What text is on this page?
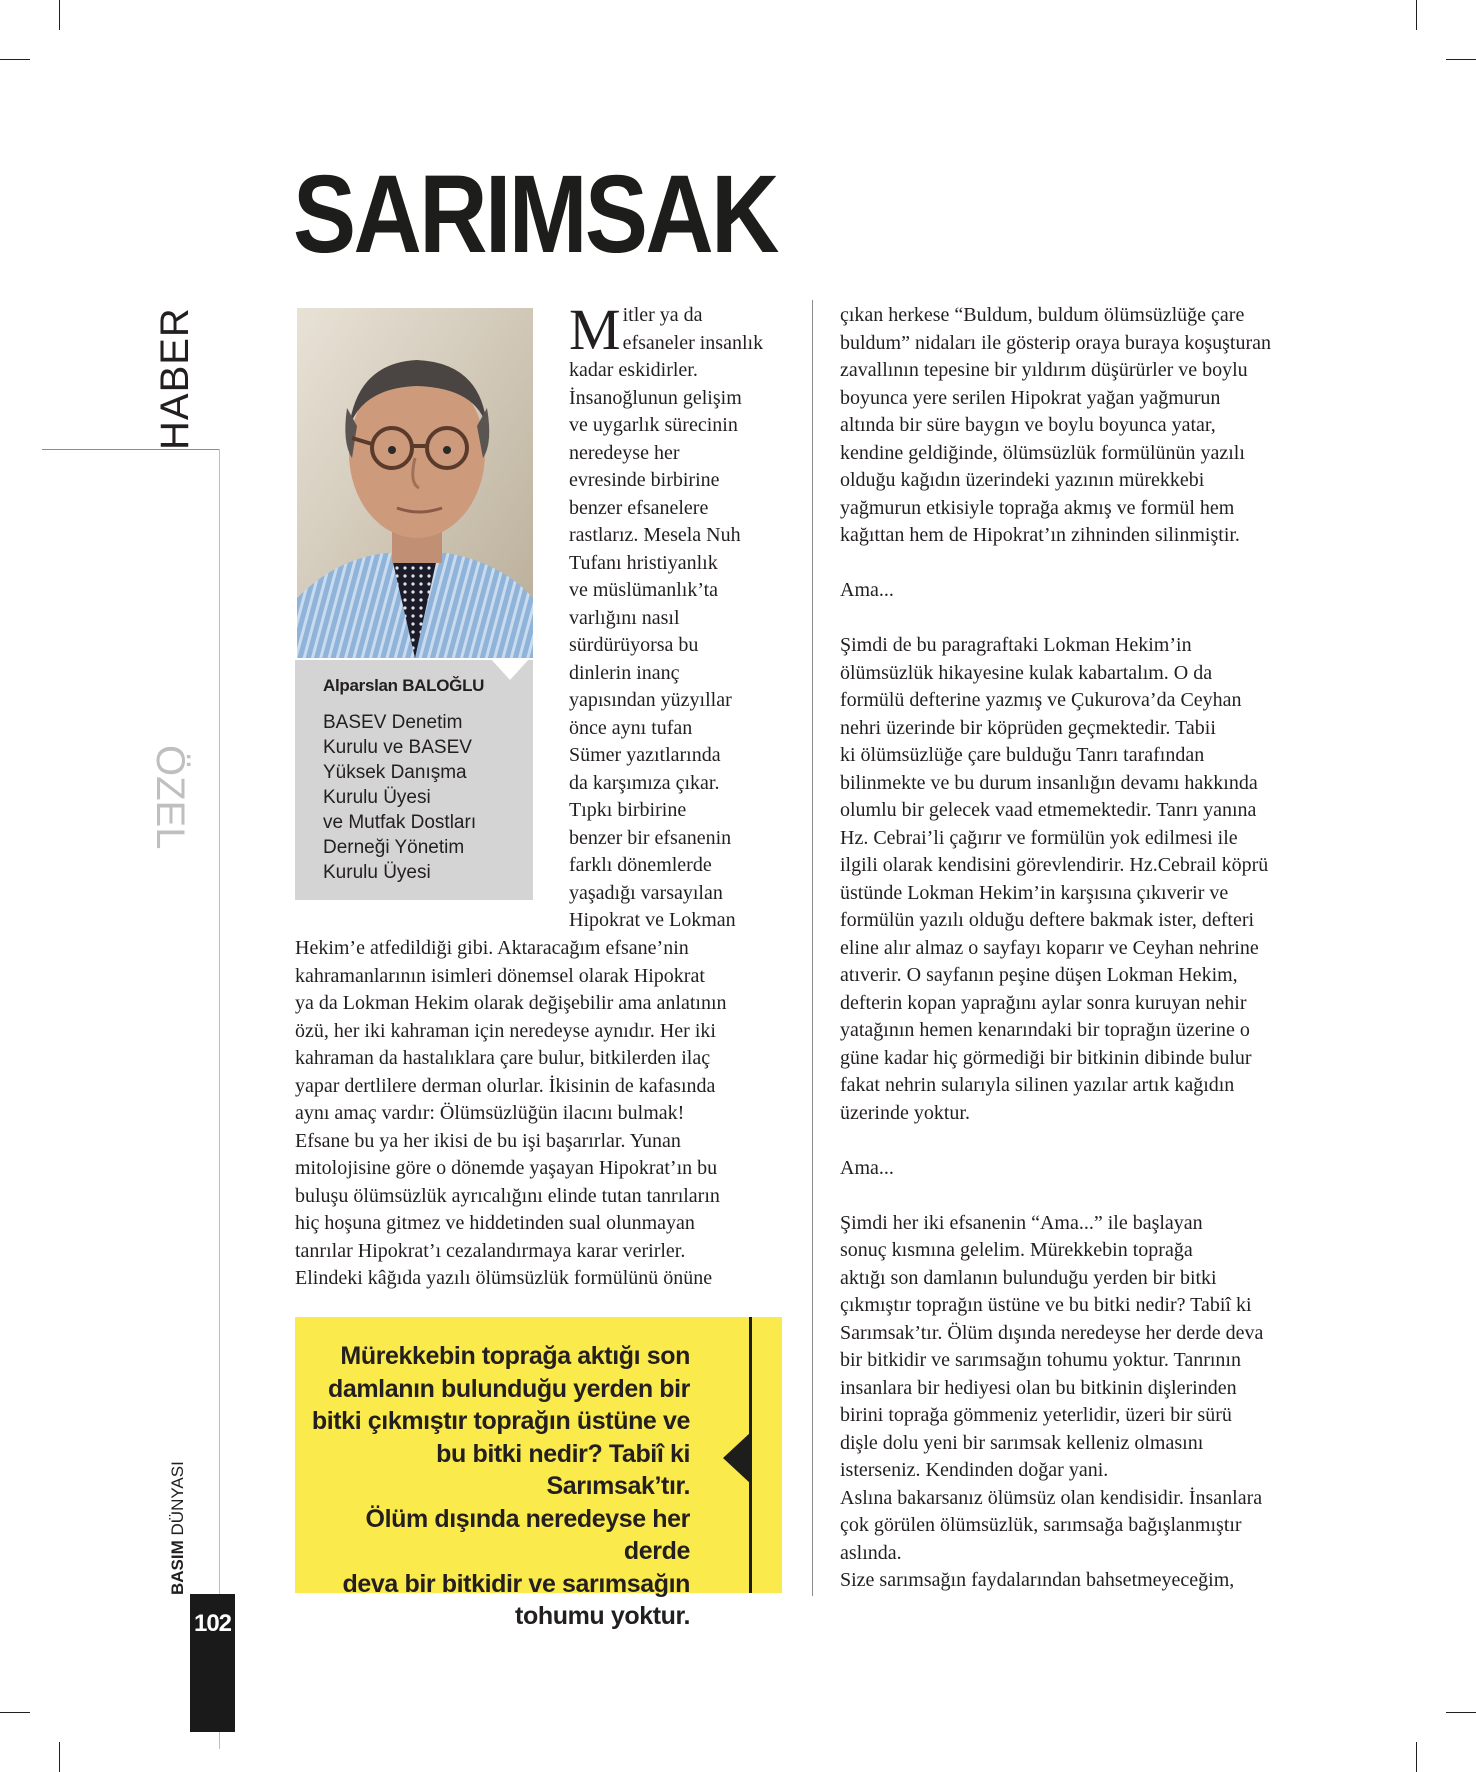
HABER
ÖZEL
BASIM DÜNYASI
102
SARIMSAK
Alparslan BALOĞLU
BASEV Denetim
Kurulu ve BASEV
Yüksek Danışma
Kurulu Üyesi
ve Mutfak Dostları
Derneği Yönetim
Kurulu Üyesi

Mitler ya da
efsaneler insanlık
kadar eskidirler.
İnsanoğlunun gelişim
ve uygarlık sürecinin
neredeyse her
evresinde birbirine
benzer efsanelere
rastlarız. Mesela Nuh
Tufanı hristiyanlık
ve müslümanlık’ta
varlığını nasıl
sürdürüyorsa bu
dinlerin inanç
yapısından yüzyıllar
önce aynı tufan
Sümer yazıtlarında
da karşımıza çıkar.
Tıpkı birbirine
benzer bir efsanenin
farklı dönemlerde
yaşadığı varsayılan
Hipokrat ve Lokman

Hekim’e atfedildiği gibi. Aktaracağım efsane’nin
kahramanlarının isimleri dönemsel olarak Hipokrat
ya da Lokman Hekim olarak değişebilir ama anlatının
özü, her iki kahraman için neredeyse aynıdır. Her iki
kahraman da hastalıklara çare bulur, bitkilerden ilaç
yapar dertlilere derman olurlar. İkisinin de kafasında
aynı amaç vardır: Ölümsüzlüğün ilacını bulmak!
Efsane bu ya her ikisi de bu işi başarırlar. Yunan
mitolojisine göre o dönemde yaşayan Hipokrat’ın bu
buluşu ölümsüzlük ayrıcalığını elinde tutan tanrıların
hiç hoşuna gitmez ve hiddetinden sual olunmayan
tanrılar Hipokrat’ı cezalandırmaya karar verirler.
Elindeki kâğıda yazılı ölümsüzlük formülünü önüne

Mürekkebin toprağa aktığı son
damlanın bulunduğu yerden bir
bitki çıkmıştır toprağın üstüne ve
bu bitki nedir? Tabiî ki Sarımsak’tır.
Ölüm dışında neredeyse her derde
deva bir bitkidir ve sarımsağın
tohumu yoktur.

çıkan herkese “Buldum, buldum ölümsüzlüğe çare
buldum” nidaları ile gösterip oraya buraya koşuşturan
zavallının tepesine bir yıldırım düşürürler ve boylu
boyunca yere serilen Hipokrat yağan yağmurun
altında bir süre baygın ve boylu boyunca yatar,
kendine geldiğinde, ölümsüzlük formülünün yazılı
olduğu kağıdın üzerindeki yazının mürekkebi
yağmurun etkisiyle toprağa akmış ve formül hem
kağıttan hem de Hipokrat’ın zihninden silinmiştir.

Ama...

Şimdi de bu paragraftaki Lokman Hekim’in
ölümsüzlük hikayesine kulak kabartalım. O da
formülü defterine yazmış ve Çukurova’da Ceyhan
nehri üzerinde bir köprüden geçmektedir. Tabii
ki ölümsüzlüğe çare bulduğu Tanrı tarafından
bilinmekte ve bu durum insanlığın devamı hakkında
olumlu bir gelecek vaad etmemektedir. Tanrı yanına
Hz. Cebrai’li çağırır ve formülün yok edilmesi ile
ilgili olarak kendisini görevlendirir. Hz.Cebrail köprü
üstünde Lokman Hekim’in karşısına çıkıverir ve
formülün yazılı olduğu deftere bakmak ister, defteri
eline alır almaz o sayfayı koparır ve Ceyhan nehrine
atıverir. O sayfanın peşine düşen Lokman Hekim,
defterin kopan yaprağını aylar sonra kuruyan nehir
yatağının hemen kenarındaki bir toprağın üzerine o
güne kadar hiç görmediği bir bitkinin dibinde bulur
fakat nehrin sularıyla silinen yazılar artık kağıdın
üzerinde yoktur.

Ama...

Şimdi her iki efsanenin “Ama...” ile başlayan
sonuç kısmına gelelim. Mürekkebin toprağa
aktığı son damlanın bulunduğu yerden bir bitki
çıkmıştır toprağın üstüne ve bu bitki nedir? Tabiî ki
Sarımsak’tır. Ölüm dışında neredeyse her derde deva
bir bitkidir ve sarımsağın tohumu yoktur. Tanrının
insanlara bir hediyesi olan bu bitkinin dişlerinden
birini toprağa gömmeniz yeterlidir, üzeri bir sürü
dişle dolu yeni bir sarımsak kelleniz olmasını
isterseniz. Kendinden doğar yani.
Aslına bakarsanız ölümsüz olan kendisidir. İnsanlara
çok görülen ölümsüzlük, sarımsağa bağışlanmıştır
aslında.
Size sarımsağın faydalarından bahsetmeyeceğim,
